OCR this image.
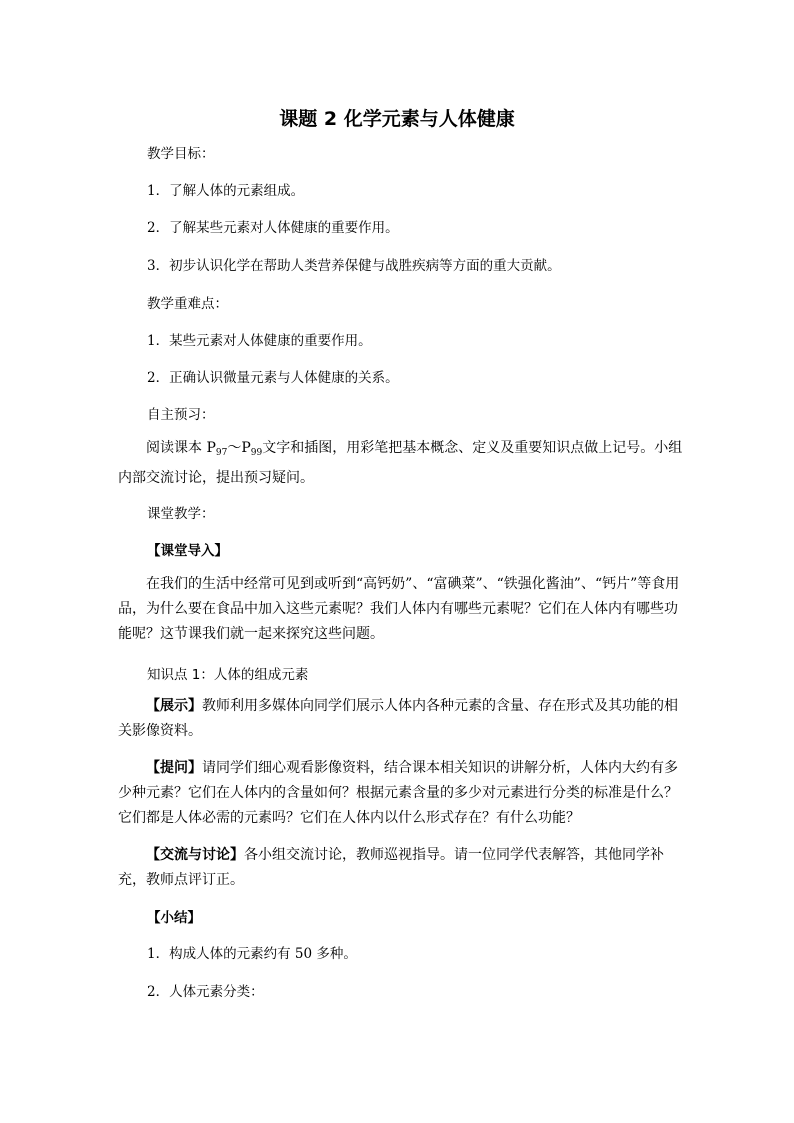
课题 2 化学元素与人体健康
教学目标：
1．了解人体的元素组成。
2．了解某些元素对人体健康的重要作用。
3．初步认识化学在帮助人类营养保健与战胜疾病等方面的重大贡献。
教学重难点：
1．某些元素对人体健康的重要作用。
2．正确认识微量元素与人体健康的关系。
自主预习：
阅读课本 $P_{97}\sim P_{99}$文字和插图，用彩笔把基本概念、定义及重要知识点做上记号。小组内部交流讨论，提出预习疑问。
课堂教学：
【课堂导入】
在我们的生活中经常可见到或听到“高钙奶”、“富碘菜”、“铁强化酱油”、“钙片”等食用品，为什么要在食品中加入这些元素呢？我们人体内有哪些元素呢？它们在人体内有哪些功能呢？这节课我们就一起来探究这些问题。
知识点 1：人体的组成元素
【展示】教师利用多媒体向同学们展示人体内各种元素的含量、存在形式及其功能的相关影像资料。
【提问】请同学们细心观看影像资料，结合课本相关知识的讲解分析，人体内大约有多少种元素？它们在人体内的含量如何？根据元素含量的多少对元素进行分类的标准是什么？它们都是人体必需的元素吗？它们在人体内以什么形式存在？有什么功能？
【交流与讨论】各小组交流讨论，教师巡视指导。请一位同学代表解答，其他同学补充，教师点评订正。
【小结】
1．构成人体的元素约有 50 多种。
2．人体元素分类：
